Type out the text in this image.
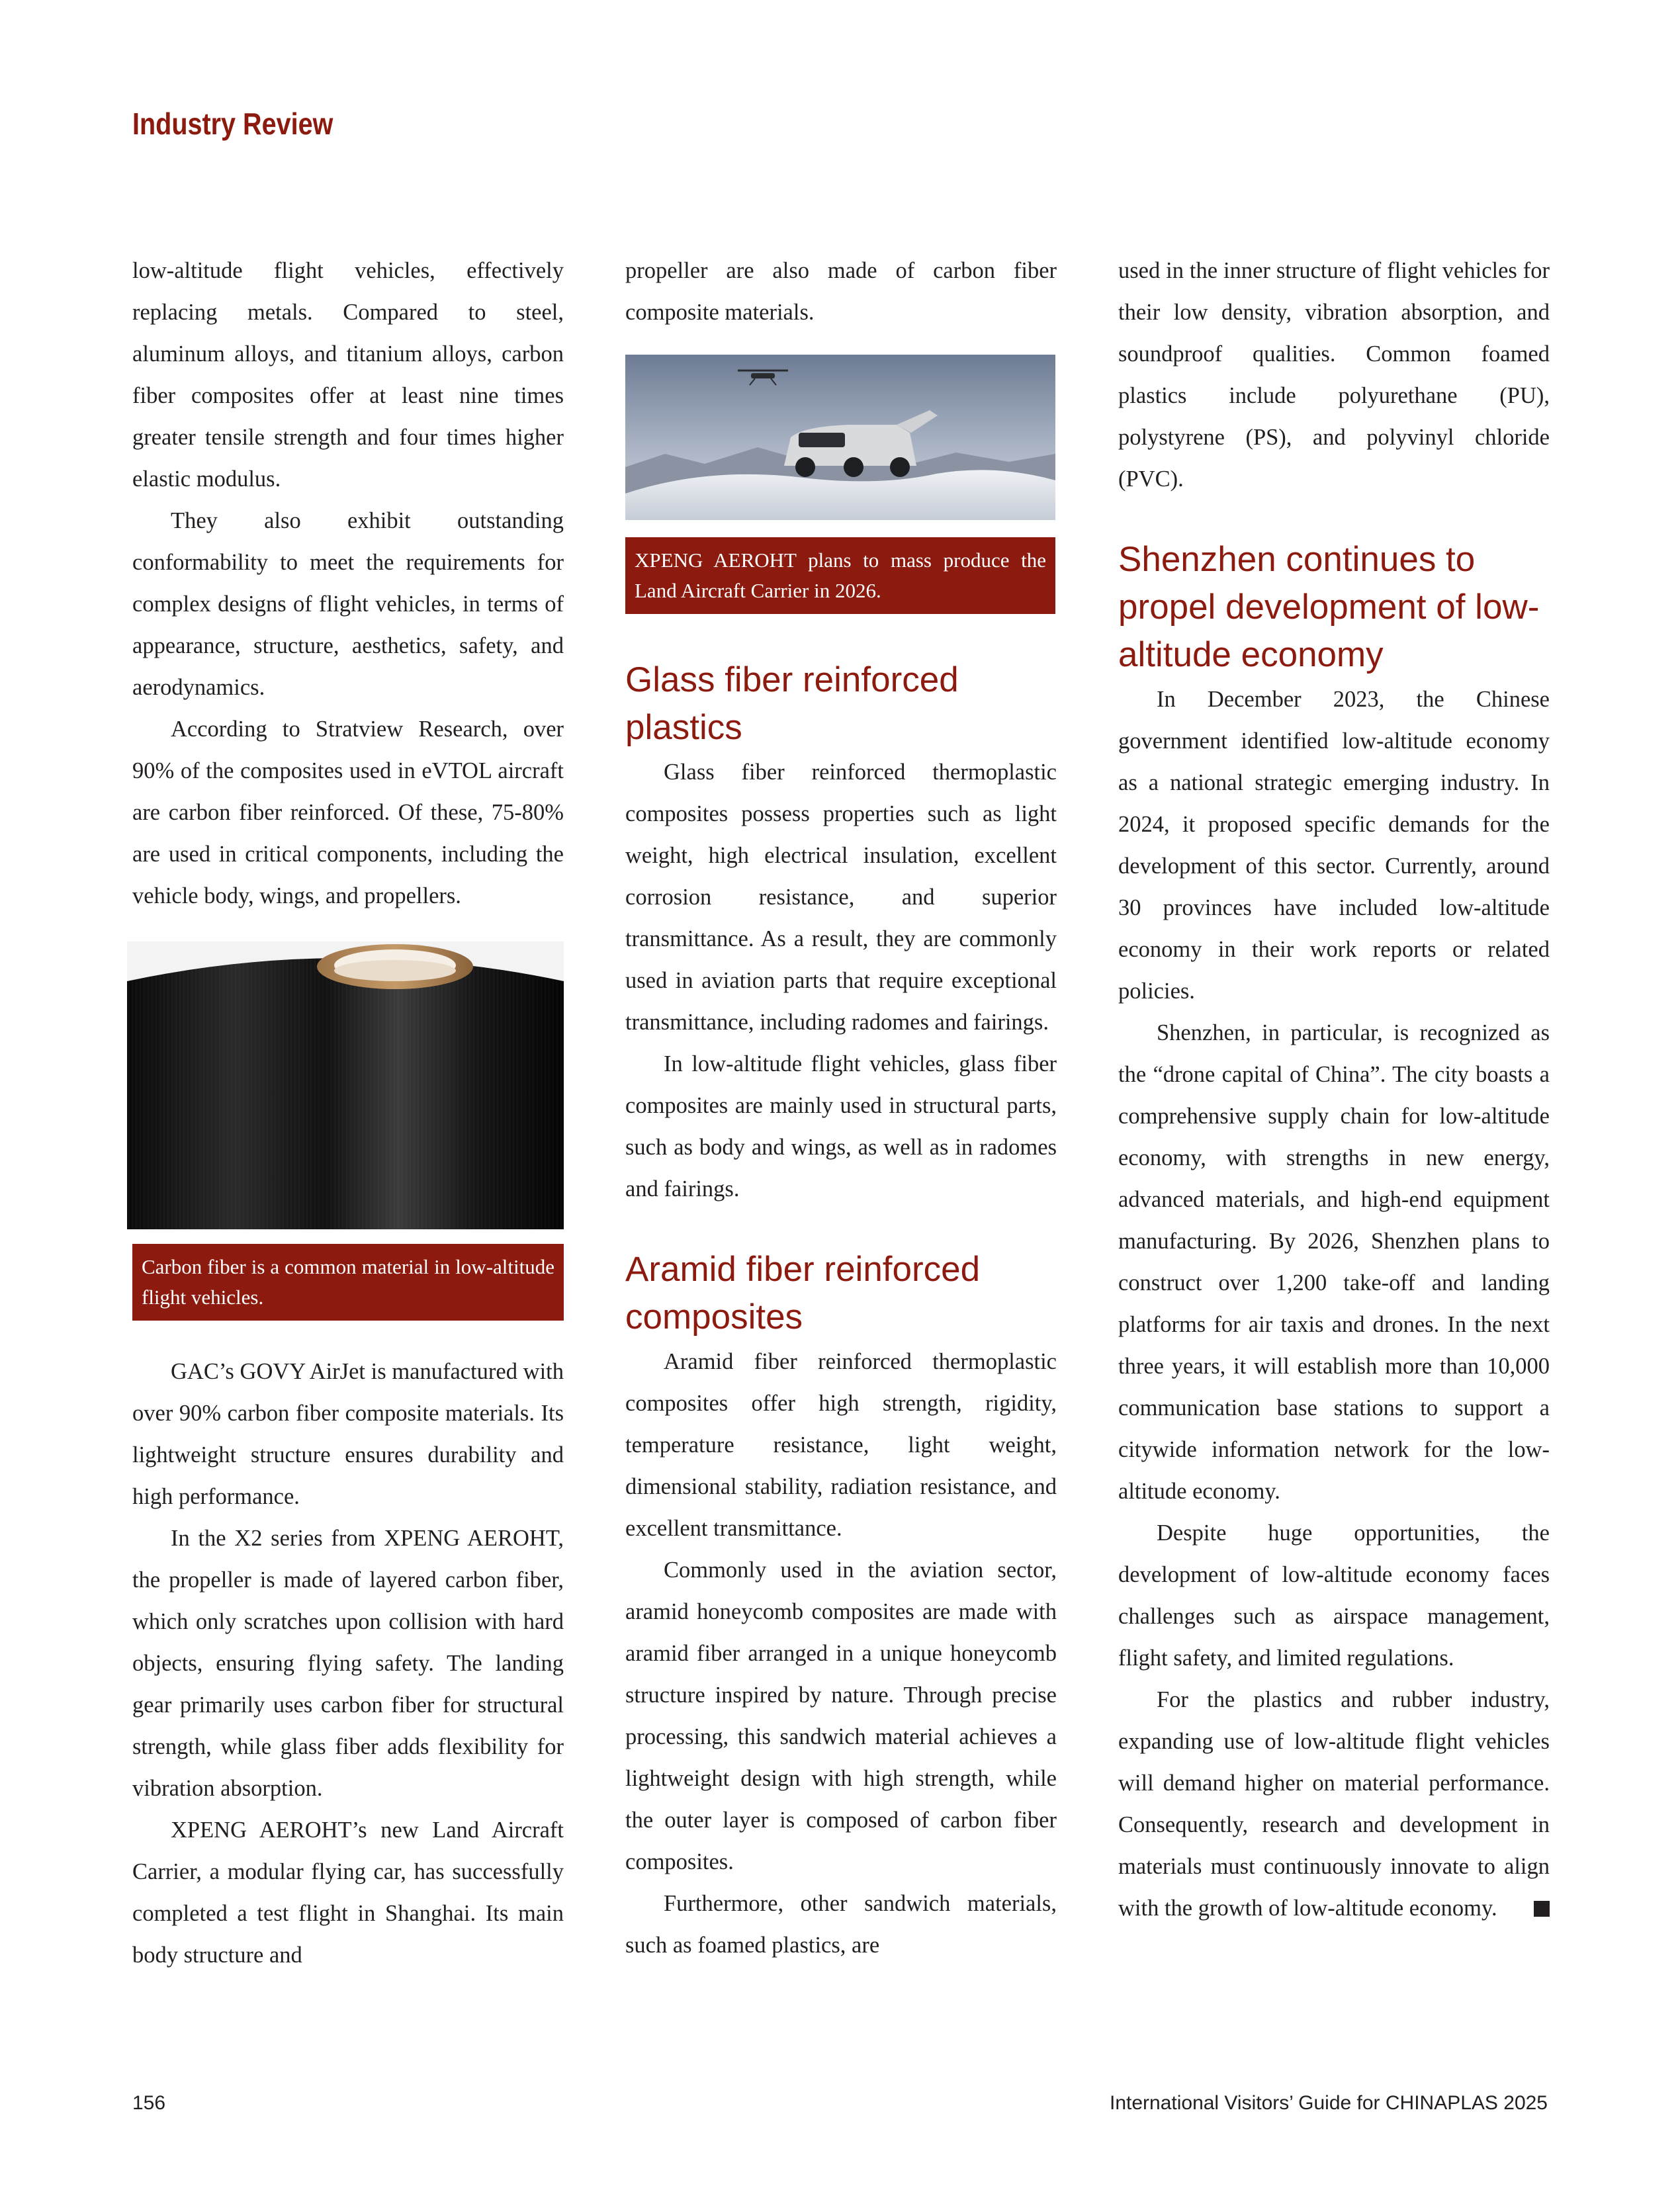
Industry Review

low-altitude flight vehicles, effectively replacing metals. Compared to steel, aluminum alloys, and titanium alloys, carbon fiber composites offer at least nine times greater tensile strength and four times higher elastic modulus.

They also exhibit outstanding conformability to meet the requirements for complex designs of flight vehicles, in terms of appearance, structure, aesthetics, safety, and aerodynamics.

According to Stratview Research, over 90% of the composites used in eVTOL aircraft are carbon fiber reinforced. Of these, 75-80% are used in critical components, including the vehicle body, wings, and propellers.

Carbon fiber is a common material in low-altitude flight vehicles.

GAC’s GOVY AirJet is manufactured with over 90% carbon fiber composite materials. Its lightweight structure ensures durability and high performance.

In the X2 series from XPENG AEROHT, the propeller is made of layered carbon fiber, which only scratches upon collision with hard objects, ensuring flying safety. The landing gear primarily uses carbon fiber for structural strength, while glass fiber adds flexibility for vibration absorption.

XPENG AEROHT’s new Land Aircraft Carrier, a modular flying car, has successfully completed a test flight in Shanghai. Its main body structure and

propeller are also made of carbon fiber composite materials.

XPENG AEROHT plans to mass produce the Land Aircraft Carrier in 2026.
Glass fiber reinforced plastics

Glass fiber reinforced thermoplastic composites possess properties such as light weight, high electrical insulation, excellent corrosion resistance, and superior transmittance. As a result, they are commonly used in aviation parts that require exceptional transmittance, including radomes and fairings.

In low-altitude flight vehicles, glass fiber composites are mainly used in structural parts, such as body and wings, as well as in radomes and fairings.

Aramid fiber reinforced composites

Aramid fiber reinforced thermoplastic composites offer high strength, rigidity, temperature resistance, light weight, dimensional stability, radiation resistance, and excellent transmittance.

Commonly used in the aviation sector, aramid honeycomb composites are made with aramid fiber arranged in a unique honeycomb structure inspired by nature. Through precise processing, this sandwich material achieves a lightweight design with high strength, while the outer layer is composed of carbon fiber composites.

Furthermore, other sandwich materials, such as foamed plastics, are

used in the inner structure of flight vehicles for their low density, vibration absorption, and soundproof qualities. Common foamed plastics include polyurethane (PU), polystyrene (PS), and polyvinyl chloride (PVC).

Shenzhen continues to propel development of low-altitude economy

In December 2023, the Chinese government identified low-altitude economy as a national strategic emerging industry. In 2024, it proposed specific demands for the development of this sector. Currently, around 30 provinces have included low-altitude economy in their work reports or related policies.

Shenzhen, in particular, is recognized as the “drone capital of China”. The city boasts a comprehensive supply chain for low-altitude economy, with strengths in new energy, advanced materials, and high-end equipment manufacturing. By 2026, Shenzhen plans to construct over 1,200 take-off and landing platforms for air taxis and drones. In the next three years, it will establish more than 10,000 communication base stations to support a citywide information network for the low-altitude economy.

Despite huge opportunities, the development of low-altitude economy faces challenges such as airspace management, flight safety, and limited regulations.

For the plastics and rubber industry, expanding use of low-altitude flight vehicles will demand higher on material performance. Consequently, research and development in materials must continuously innovate to align with the growth of low-altitude economy.

156	International Visitors’ Guide for CHINAPLAS 2025
